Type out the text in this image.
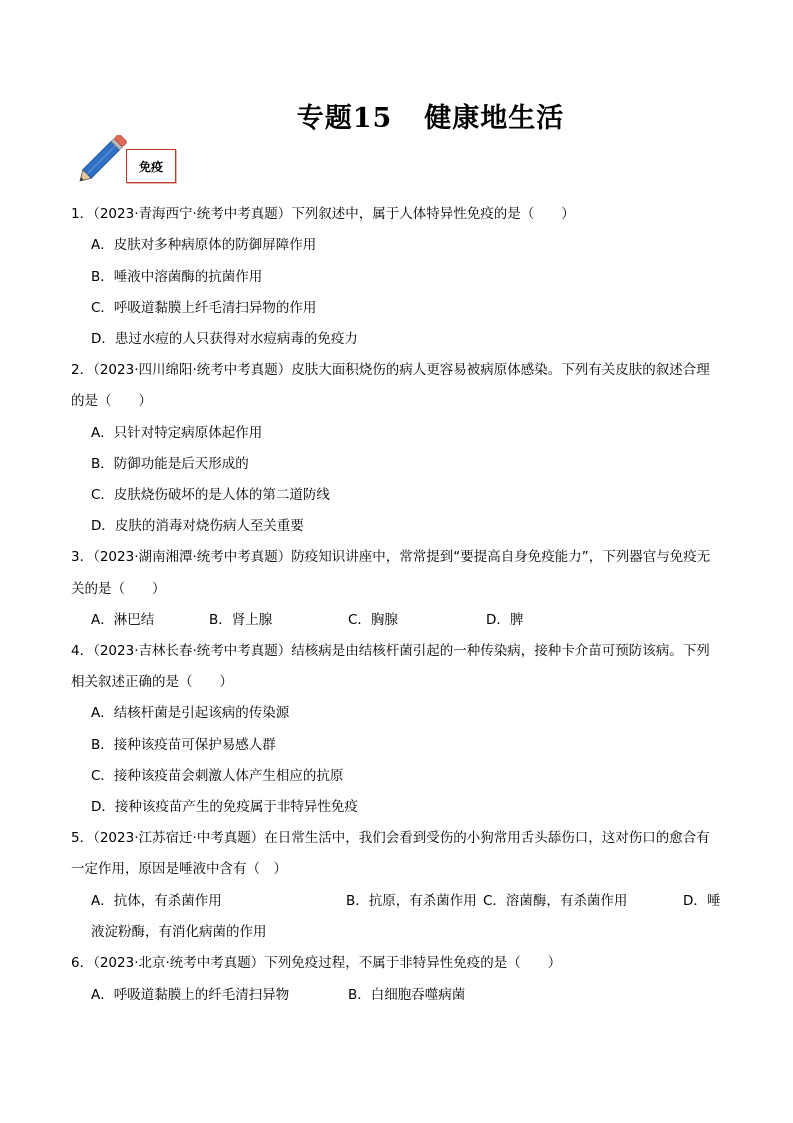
专题15 健康地生活
免疫
1．（2023·青海西宁·统考中考真题）下列叙述中，属于人体特异性免疫的是（　　）
A．皮肤对多种病原体的防御屏障作用
B．唾液中溶菌酶的抗菌作用
C．呼吸道黏膜上纤毛清扫异物的作用
D．患过水痘的人只获得对水痘病毒的免疫力
2．（2023·四川绵阳·统考中考真题）皮肤大面积烧伤的病人更容易被病原体感染。下列有关皮肤的叙述合理
的是（　　）
A．只针对特定病原体起作用
B．防御功能是后天形成的
C．皮肤烧伤破坏的是人体的第二道防线
D．皮肤的消毒对烧伤病人至关重要
3．（2023·湖南湘潭·统考中考真题）防疫知识讲座中，常常提到“要提高自身免疫能力”，下列器官与免疫无
关的是（　　）
A．淋巴结	B．肾上腺	C．胸腺	D．脾
4．（2023·吉林长春·统考中考真题）结核病是由结核杆菌引起的一种传染病，接种卡介苗可预防该病。下列
相关叙述正确的是（　　）
A．结核杆菌是引起该病的传染源
B．接种该疫苗可保护易感人群
C．接种该疫苗会刺激人体产生相应的抗原
D．接种该疫苗产生的免疫属于非特异性免疫
5．（2023·江苏宿迁·中考真题）在日常生活中，我们会看到受伤的小狗常用舌头舔伤口，这对伤口的愈合有
一定作用，原因是唾液中含有（　）
A．抗体，有杀菌作用	B．抗原，有杀菌作用 C．溶菌酶，有杀菌作用	D．唾
液淀粉酶，有消化病菌的作用
6．（2023·北京·统考中考真题）下列免疫过程，不属于非特异性免疫的是（　　）
A．呼吸道黏膜上的纤毛清扫异物	B．白细胞吞噬病菌
